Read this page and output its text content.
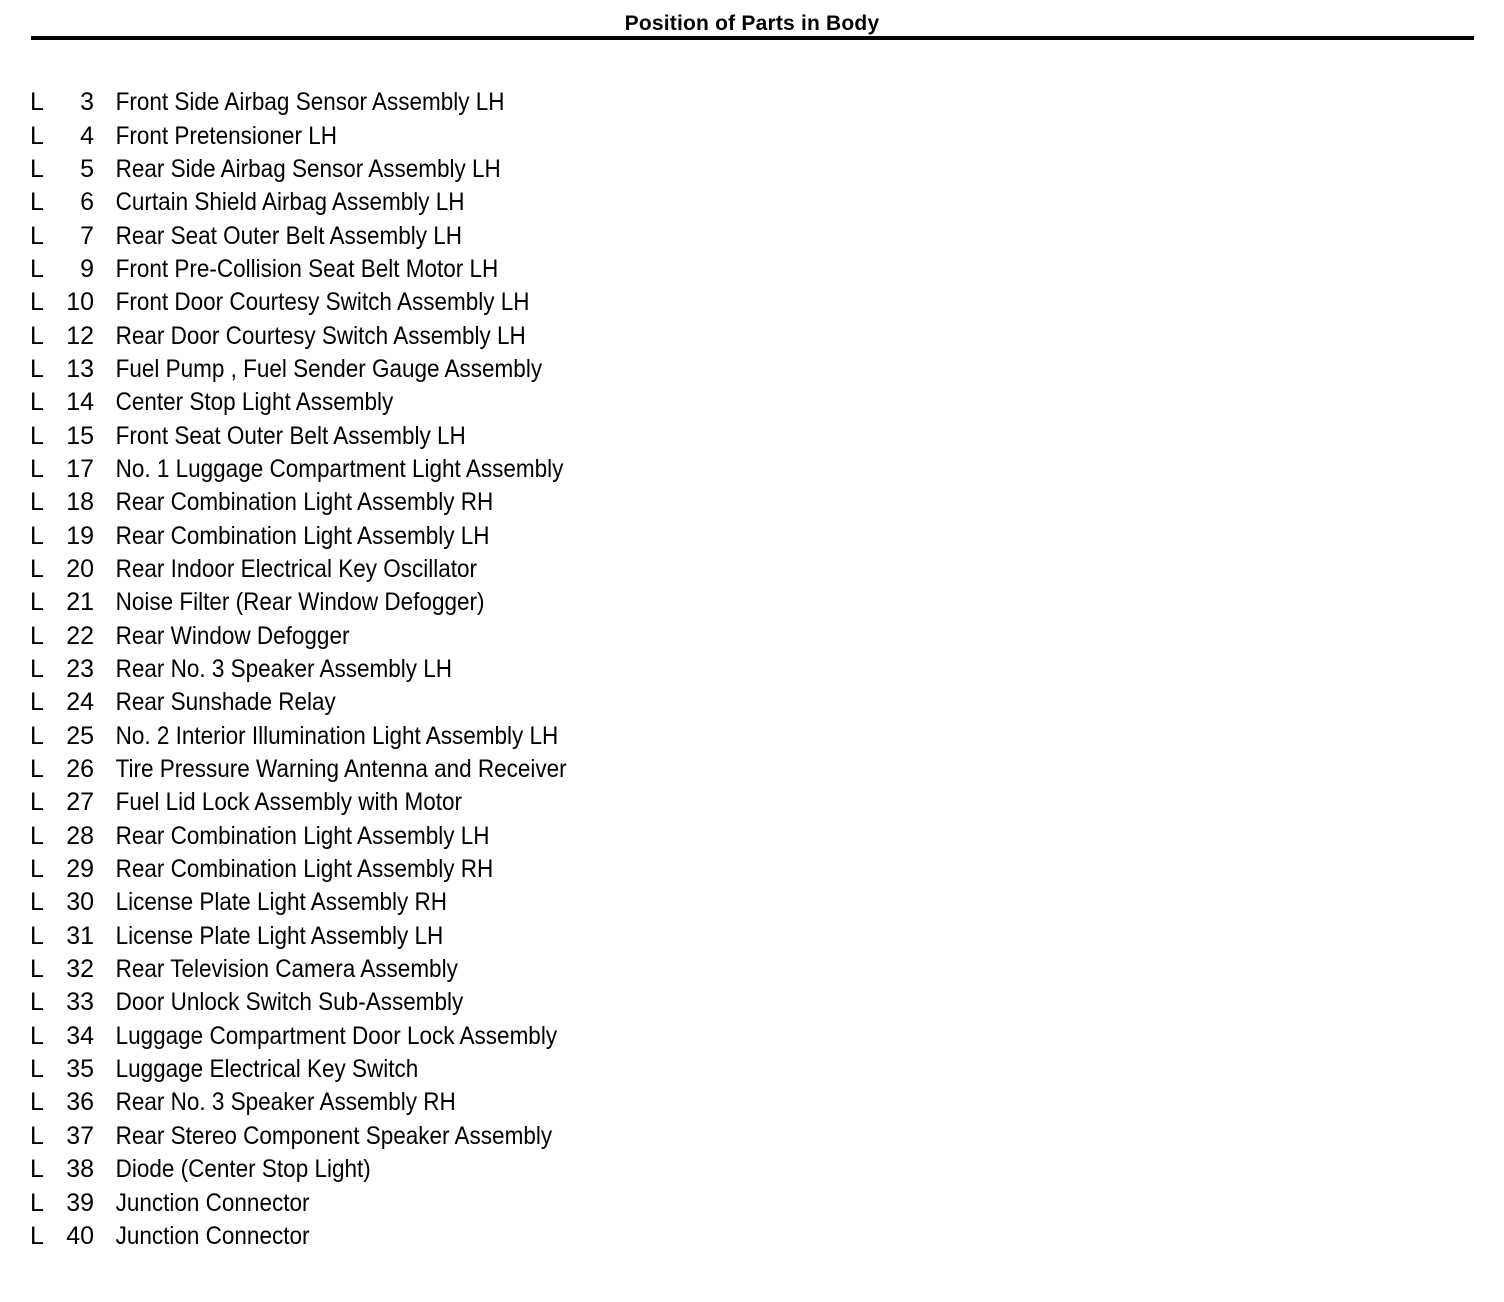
Position of Parts in Body
L	3 Front Side Airbag Sensor Assembly LH
L	4 Front Pretensioner LH
L	5 Rear Side Airbag Sensor Assembly LH
L	6 Curtain Shield Airbag Assembly LH
L	7 Rear Seat Outer Belt Assembly LH
L	9 Front Pre-Collision Seat Belt Motor LH
L 10 Front Door Courtesy Switch Assembly LH
L 12 Rear Door Courtesy Switch Assembly LH
L 13 Fuel Pump , Fuel Sender Gauge Assembly
L 14 Center Stop Light Assembly
L 15 Front Seat Outer Belt Assembly LH
L 17 No. 1 Luggage Compartment Light Assembly
L 18 Rear Combination Light Assembly RH
L 19 Rear Combination Light Assembly LH
L 20 Rear Indoor Electrical Key Oscillator
L 21 Noise Filter (Rear Window Defogger)
L 22 Rear Window Defogger
L 23 Rear No. 3 Speaker Assembly LH
L 24 Rear Sunshade Relay
L 25 No. 2 Interior Illumination Light Assembly LH
L 26 Tire Pressure Warning Antenna and Receiver
L 27 Fuel Lid Lock Assembly with Motor
L 28 Rear Combination Light Assembly LH
L 29 Rear Combination Light Assembly RH
L 30 License Plate Light Assembly RH
L 31 License Plate Light Assembly LH
L 32 Rear Television Camera Assembly
L 33 Door Unlock Switch Sub-Assembly
L 34 Luggage Compartment Door Lock Assembly
L 35 Luggage Electrical Key Switch
L 36 Rear No. 3 Speaker Assembly RH
L 37 Rear Stereo Component Speaker Assembly
L 38 Diode (Center Stop Light)
L 39 Junction Connector
L 40 Junction Connector
